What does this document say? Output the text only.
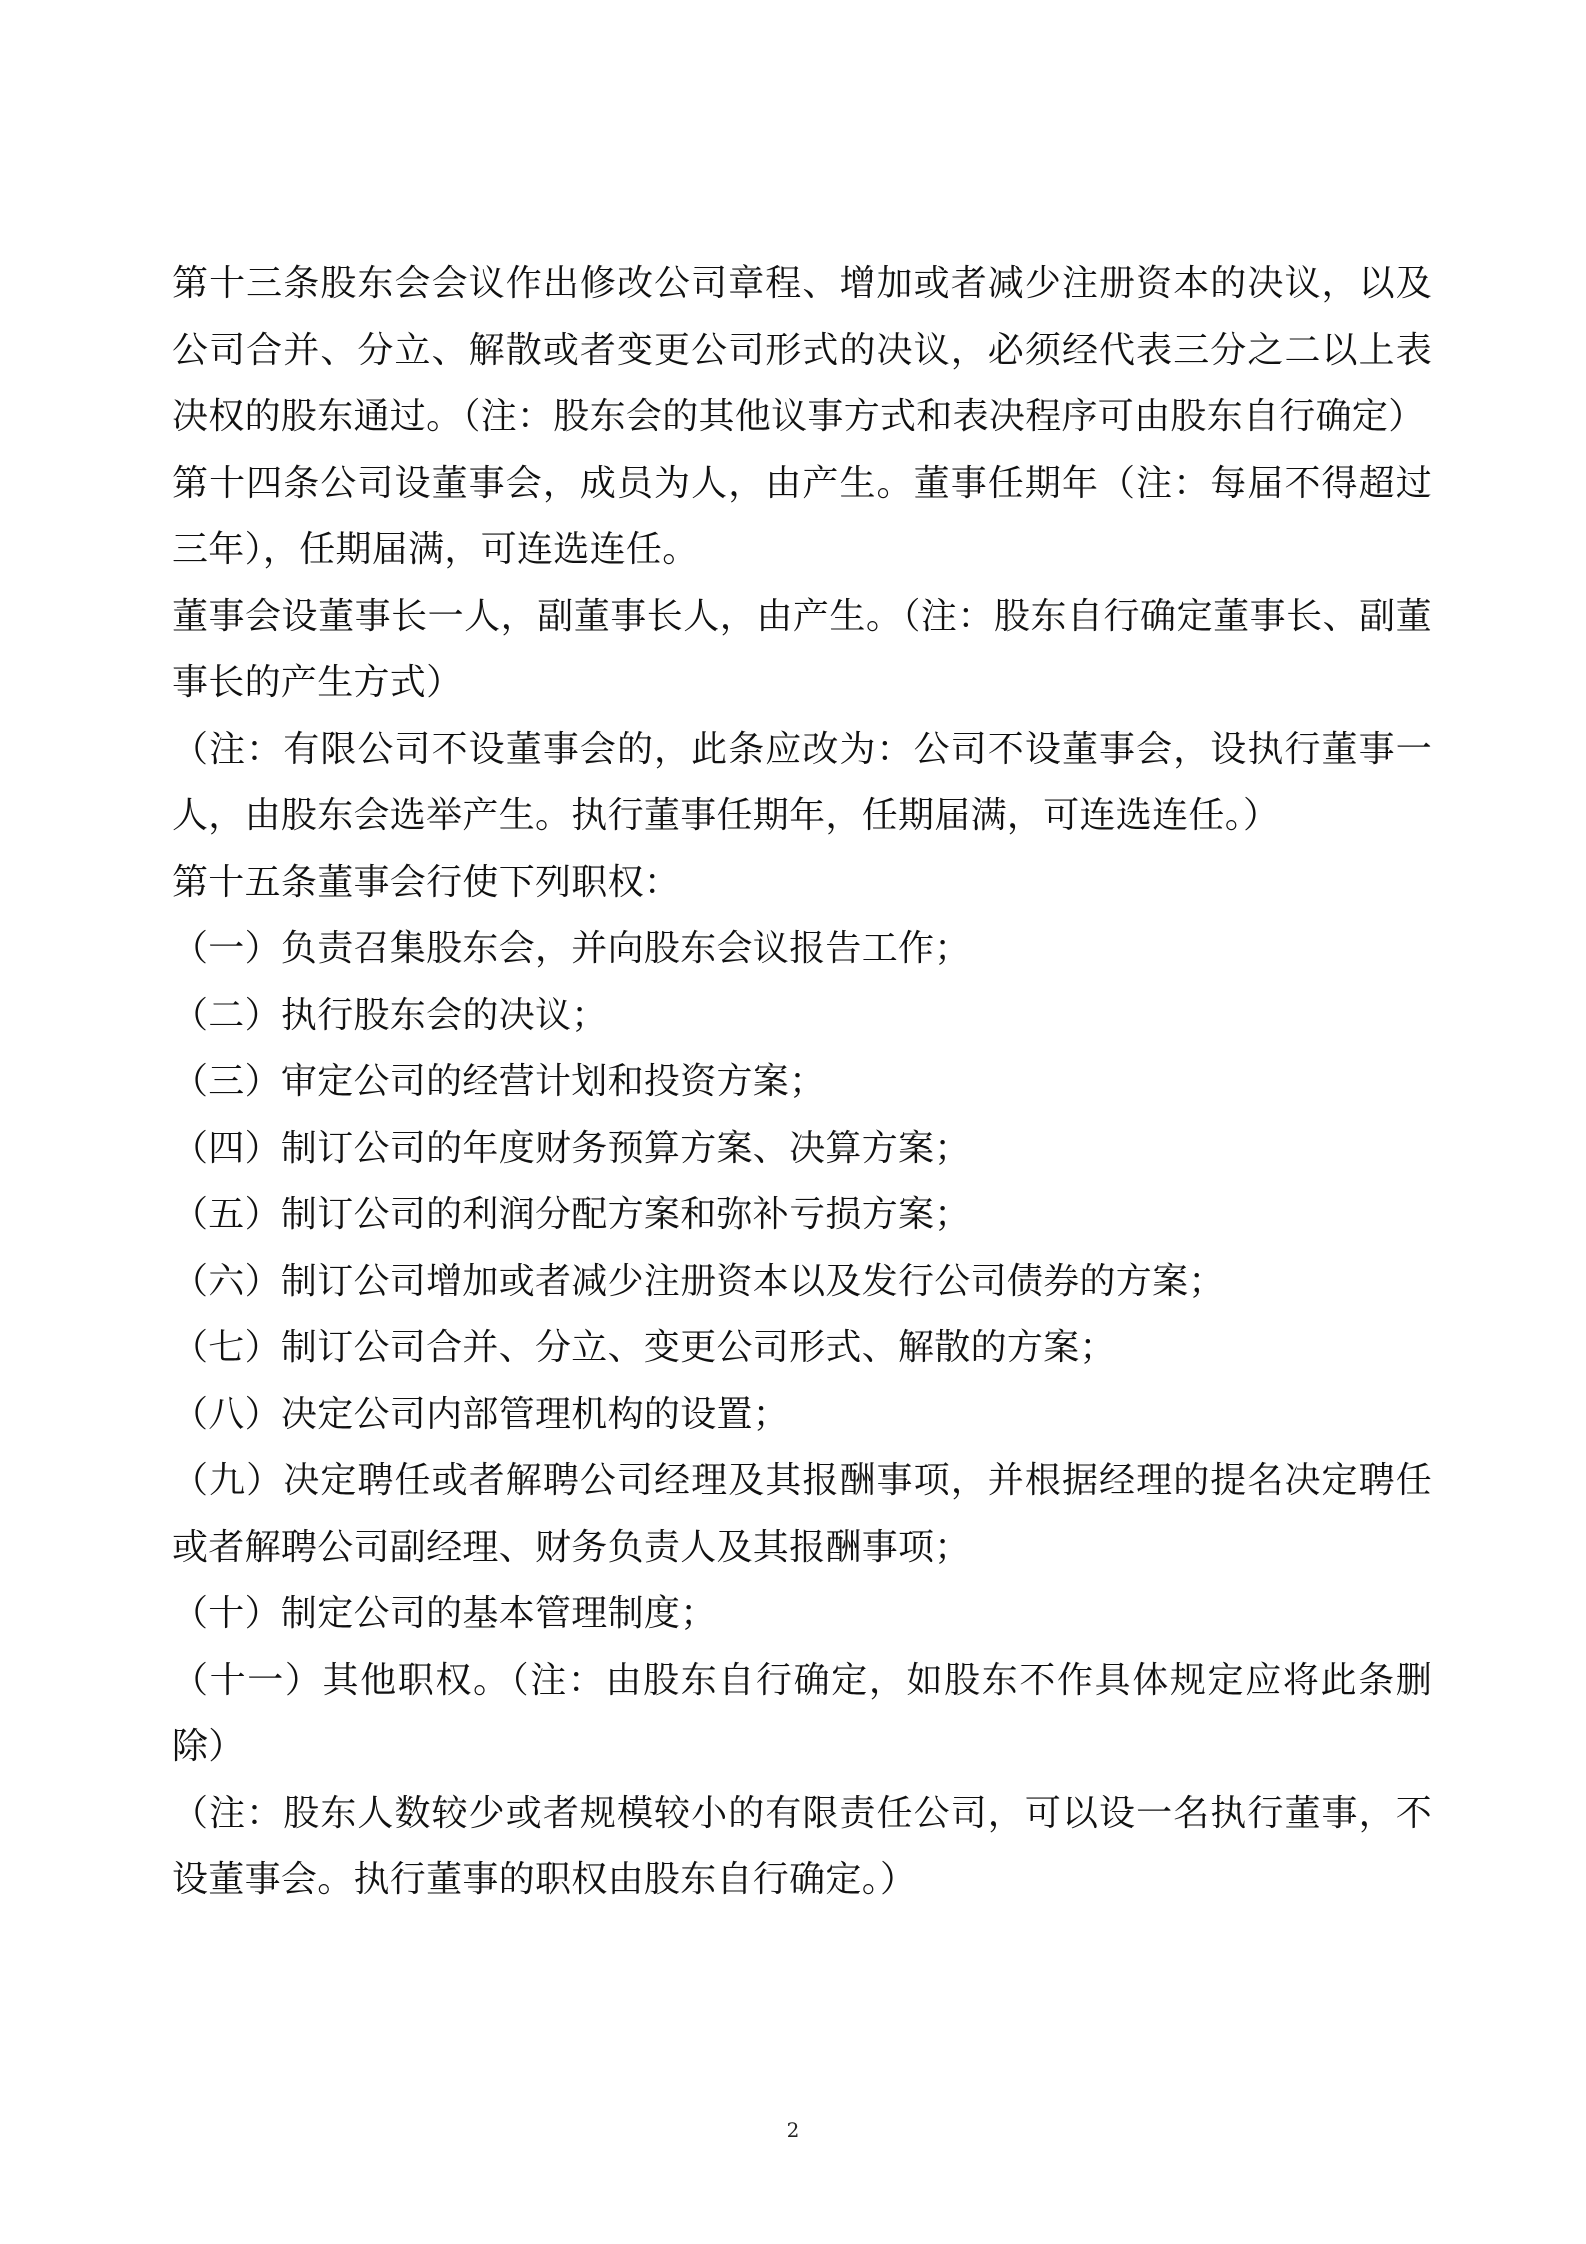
第十三条股东会会议作出修改公司章程、增加或者减少注册资本的决议，以及公司合并、分立、解散或者变更公司形式的决议，必须经代表三分之二以上表决权的股东通过。（注：股东会的其他议事方式和表决程序可由股东自行确定）

第十四条公司设董事会，成员为人，由产生。董事任期年（注：每届不得超过三年），任期届满，可连选连任。

董事会设董事长一人，副董事长人，由产生。（注：股东自行确定董事长、副董事长的产生方式）

（注：有限公司不设董事会的，此条应改为：公司不设董事会，设执行董事一人，由股东会选举产生。执行董事任期年，任期届满，可连选连任。）

第十五条董事会行使下列职权：

（一）负责召集股东会，并向股东会议报告工作；

（二）执行股东会的决议；

（三）审定公司的经营计划和投资方案；

（四）制订公司的年度财务预算方案、决算方案；

（五）制订公司的利润分配方案和弥补亏损方案；

（六）制订公司增加或者减少注册资本以及发行公司债券的方案；

（七）制订公司合并、分立、变更公司形式、解散的方案；

（八）决定公司内部管理机构的设置；

（九）决定聘任或者解聘公司经理及其报酬事项，并根据经理的提名决定聘任或者解聘公司副经理、财务负责人及其报酬事项；

（十）制定公司的基本管理制度；

（十一）其他职权。（注：由股东自行确定，如股东不作具体规定应将此条删除）

（注：股东人数较少或者规模较小的有限责任公司，可以设一名执行董事，不设董事会。执行董事的职权由股东自行确定。）

2
